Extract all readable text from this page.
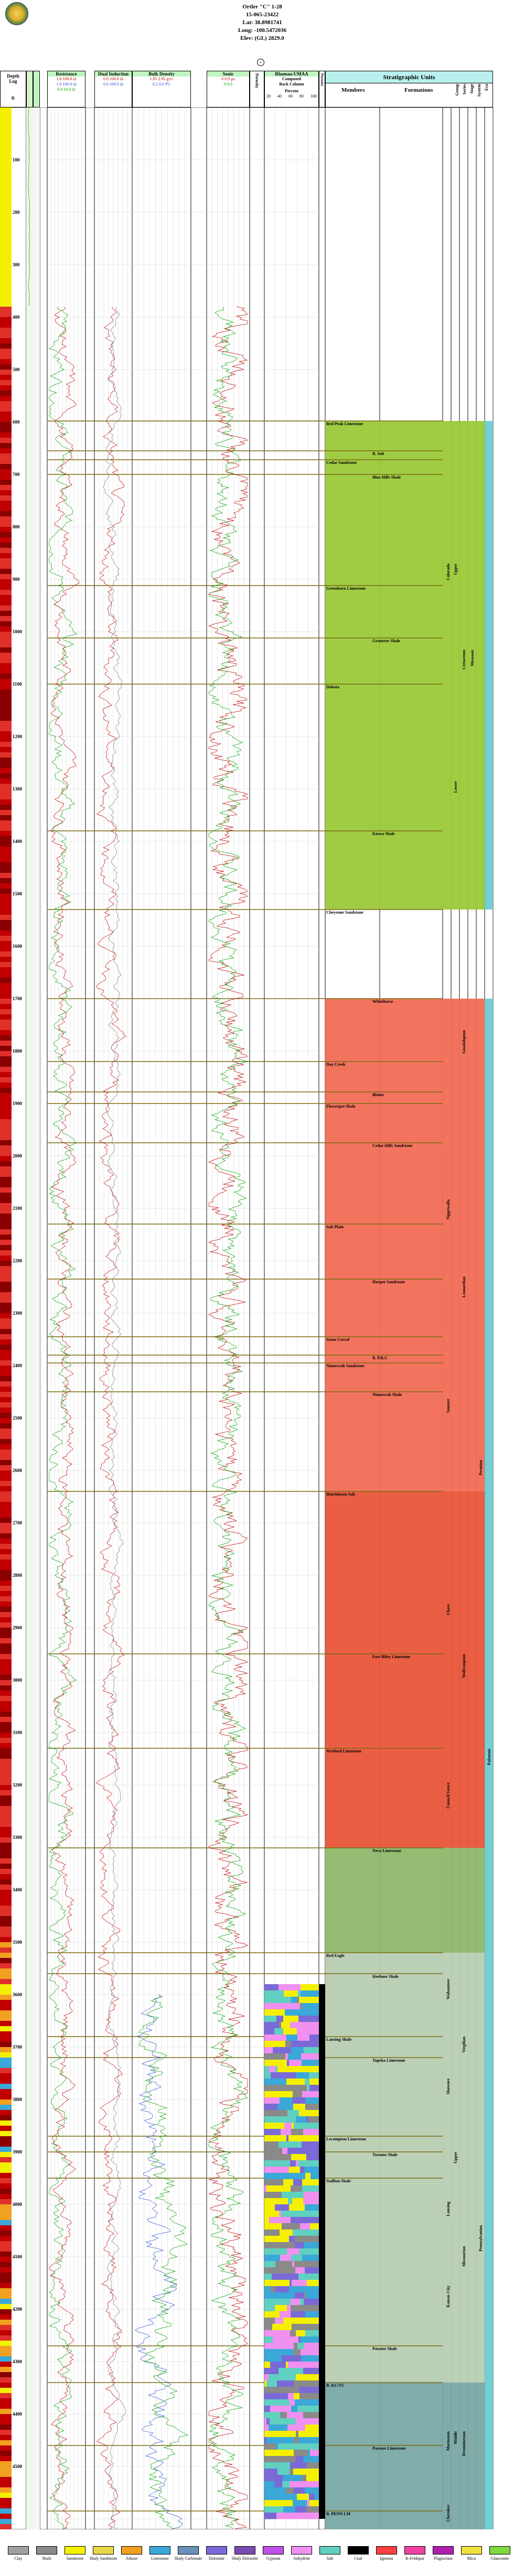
Ortler "C" 1-28
15-065-23422
Lat: 38.8981741
Long: -100.5472036
Elev: (GL) 2829.0
+
Depth
Log
ft
Resistance
1.0 100.0 Ω
1.0 100.0 Ω
0.0 10.0 Ω
Dual Induction
0.0 100.0 Ω
0.0 100.0 Ω
Bulk Density
1.95 2.95 g/cc
0.2 0.0 PU
Sonic
0 0.9 µs
0 0.9	Porosity	Rhomaa-UMAA
Computed
Rock Column
Percent
20 40 60 80 100
Porosity	Stratigraphic Units
Members	Formations	Group Series Stage System Era
100
200
300
400
500
600
700
800
900
1000
1100
1200
1300
1400
1500
1600
1700
1800
1900
2000
2100
2200
2300
2400
2500
2600
2700
2800
2900
3000
3100
3200
3300
3400
3500
3600
3700
3800
3900
4000
4100
4200
4300
4400
4500
Red Peak Limestone
B. Salt
Cedar Sandstone
Blue Hills Shale
Greenhorn Limestone
Graneros Shale
Dakota
Kiowa Shale
Cheyenne Sandstone
Whitehorse
Day Creek
Blaine
Flowerpot Shale
Cedar Hills Sandstone
Salt Plain
Harper Sandstone
Stone Corral
B. P.R.C
Ninnescah Sandstone
Ninnescah Shale
Hutchinson Salt
Fort Riley Limestone
Wreford Limestone
Neva Limestone
Red Eagle
Heebner Shale
Lansing Shale
Topeka Limestone
Lecompton Limestone
Toronto Shale
Stallion Shale
Pawnee Shale
B. KC/TS
Pawnee Limestone
B. PENN LM
Colorado Upper
Lower
Cretaceous Mesozoic
Guadalupian
Nippewalla
Leonardian
Sumner
Permian
Chase
Wolfcampian
Council Grove
Wabaunsee
Virgilian
Shawnee
Upper
Lansing
Missourian
Kansas City
Pennsylvanian
Paleozoic
Marmaton	Desmoinesian
Middle
Cherokee
Clay	Shale	Sandstone	Shaly Sandstone	Arkose	Limestone	Shaly Carbonate	Dolomite	Shaly Dolomite	Gypsum	Anhydrite	Salt	Coal	Igneous	K-Feldspar	Plagioclase	Mica	Glauconite
